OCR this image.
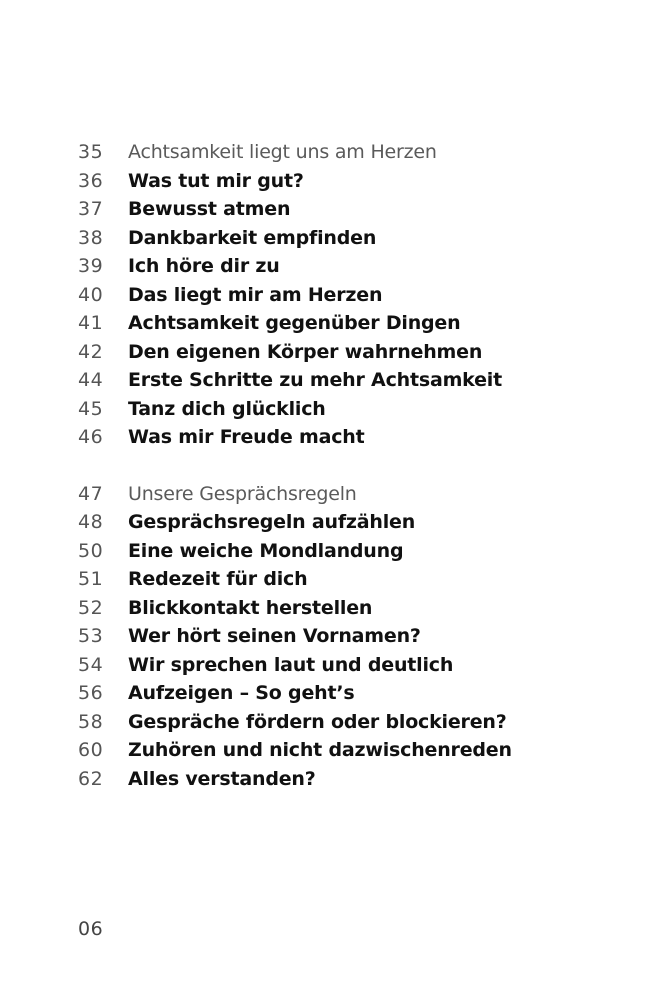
35	Achtsamkeit liegt uns am Herzen
36	Was tut mir gut?
37	Bewusst atmen
38	Dankbarkeit empfinden
39	Ich höre dir zu
40	Das liegt mir am Herzen
41	Achtsamkeit gegenüber Dingen
42	Den eigenen Körper wahrnehmen
44	Erste Schritte zu mehr Achtsamkeit
45	Tanz dich glücklich
46	Was mir Freude macht
47	Unsere Gesprächsregeln
48	Gesprächsregeln aufzählen
50	Eine weiche Mondlandung
51	Redezeit für dich
52	Blickkontakt herstellen
53	Wer hört seinen Vornamen?
54	Wir sprechen laut und deutlich
56	Aufzeigen – So geht’s
58	Gespräche fördern oder blockieren?
60	Zuhören und nicht dazwischenreden
62	Alles verstanden?
06
